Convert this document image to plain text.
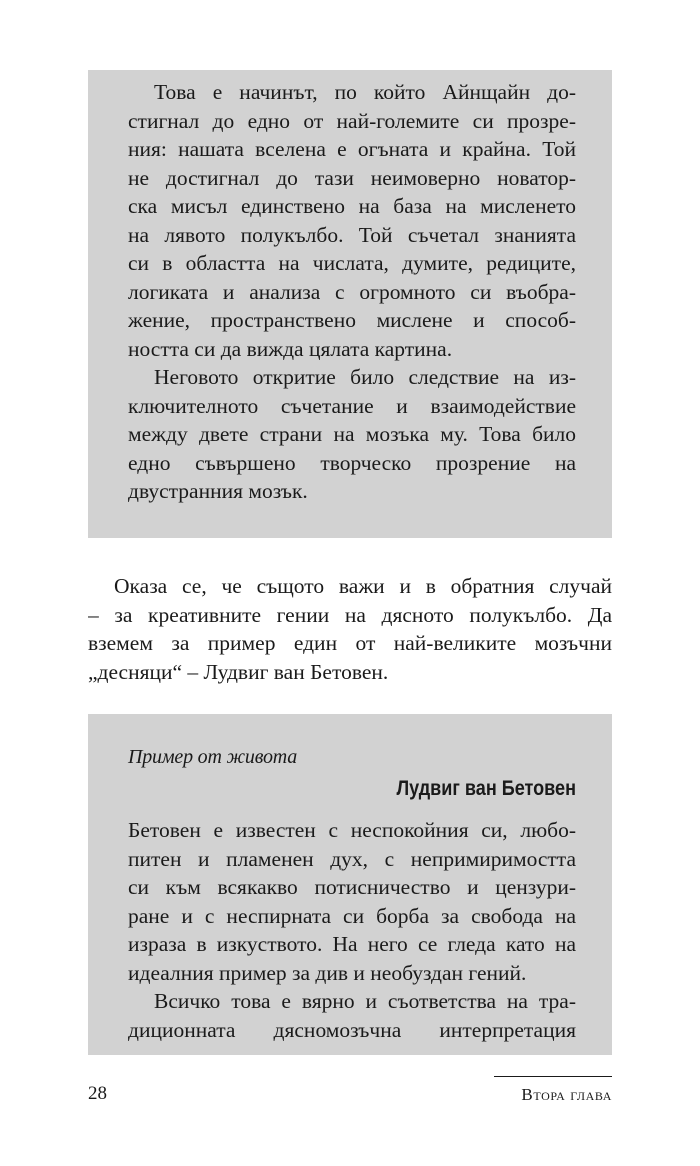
Това е начинът, по който Айнщайн до-
стигнал до едно от най-големите си прозре-
ния: нашата вселена е огъната и крайна. Той
не достигнал до тази неимоверно новатор-
ска мисъл единствено на база на мисленето
на лявото полукълбо. Той съчетал знанията
си в областта на числата, думите, редиците,
логиката и анализа с огромното си въобра-
жение, пространствено мислене и способ-
ността си да вижда цялата картина.
Неговото откритие било следствие на из-
ключителното съчетание и взаимодействие
между двете страни на мозъка му. Това било
едно съвършено творческо прозрение на
двустранния мозък.
Оказа се, че същото важи и в обратния случай
– за креативните гении на дясното полукълбо. Да
вземем за пример един от най-великите мозъчни
„десняци“ – Лудвиг ван Бетовен.
Пример от живота
Лудвиг ван Бетовен
Бетовен е известен с неспокойния си, любо-
питен и пламенен дух, с непримиримостта
си към всякакво потисничество и цензури-
ране и с неспирната си борба за свобода на
израза в изкуството. На него се гледа като на
идеалния пример за див и необуздан гений.
Всичко това е вярно и съответства на тра-
диционната дясномозъчна интерпретация
28	Втора глава
